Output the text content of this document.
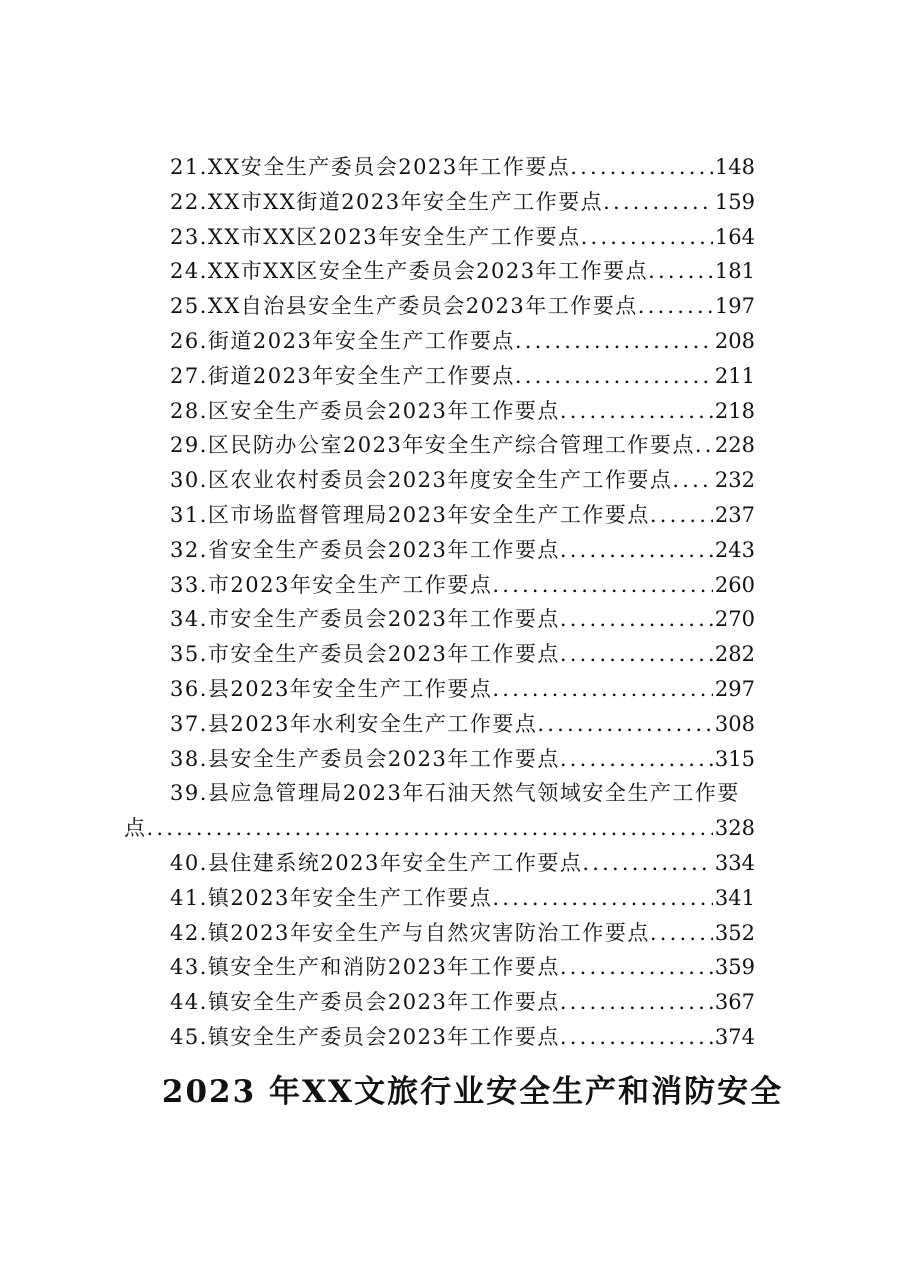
21.XX安全生产委员会2023年工作要点 .....	148
22.XX市XX街道2023年安全生产工作要点 .....	159
23.XX市XX区2023年安全生产工作要点 .....	164
24.XX市XX区安全生产委员会2023年工作要点 .....	181
25.XX自治县安全生产委员会2023年工作要点 .....	197
26.街道2023年安全生产工作要点 .....	208
27.街道2023年安全生产工作要点 .....	211
28.区安全生产委员会2023年工作要点 .....	218
29.区民防办公室2023年安全生产综合管理工作要点 ..... 228
30.区农业农村委员会2023年度安全生产工作要点 ..... 232
31.区市场监督管理局2023年安全生产工作要点 .....	237
32.省安全生产委员会2023年工作要点 .....	243
33.市2023年安全生产工作要点 .....	260
34.市安全生产委员会2023年工作要点 .....	270
35.市安全生产委员会2023年工作要点 .....	282
36.县2023年安全生产工作要点 .....	297
37.县2023年水利安全生产工作要点 .....	308
38.县安全生产委员会2023年工作要点 .....	315
39.县应急管理局2023年石油天然气领域安全生产工作要
点 .....	328
40.县住建系统2023年安全生产工作要点 .....	334
41.镇2023年安全生产工作要点 .....	341
42.镇2023年安全生产与自然灾害防治工作要点 .....	352
43.镇安全生产和消防2023年工作要点 .....	359
44.镇安全生产委员会2023年工作要点 .....	367
45.镇安全生产委员会2023年工作要点 .....	374
2023 年XX文旅行业安全生产和消防安全
